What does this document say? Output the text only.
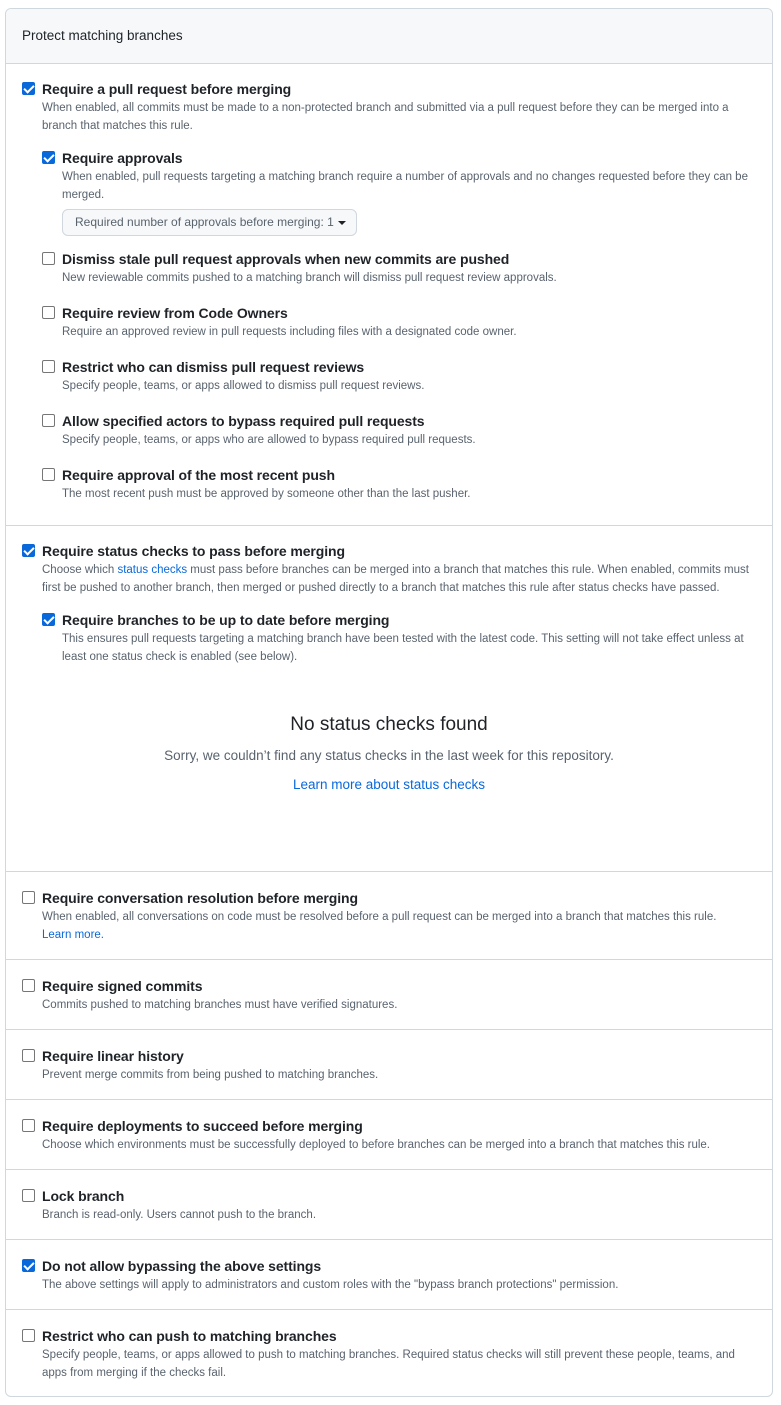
Protect matching branches
Require a pull request before merging
When enabled, all commits must be made to a non-protected branch and submitted via a pull request before they can be merged into a branch that matches this rule.
Require approvals
When enabled, pull requests targeting a matching branch require a number of approvals and no changes requested before they can be merged.
Required number of approvals before merging: 1
Dismiss stale pull request approvals when new commits are pushed
New reviewable commits pushed to a matching branch will dismiss pull request review approvals.
Require review from Code Owners
Require an approved review in pull requests including files with a designated code owner.
Restrict who can dismiss pull request reviews
Specify people, teams, or apps allowed to dismiss pull request reviews.
Allow specified actors to bypass required pull requests
Specify people, teams, or apps who are allowed to bypass required pull requests.
Require approval of the most recent push
The most recent push must be approved by someone other than the last pusher.
Require status checks to pass before merging
Choose which status checks must pass before branches can be merged into a branch that matches this rule. When enabled, commits must first be pushed to another branch, then merged or pushed directly to a branch that matches this rule after status checks have passed.
Require branches to be up to date before merging
This ensures pull requests targeting a matching branch have been tested with the latest code. This setting will not take effect unless at least one status check is enabled (see below).
No status checks found
Sorry, we couldn’t find any status checks in the last week for this repository.
Learn more about status checks
Require conversation resolution before merging
When enabled, all conversations on code must be resolved before a pull request can be merged into a branch that matches this rule.
Learn more.
Require signed commits
Commits pushed to matching branches must have verified signatures.
Require linear history
Prevent merge commits from being pushed to matching branches.
Require deployments to succeed before merging
Choose which environments must be successfully deployed to before branches can be merged into a branch that matches this rule.
Lock branch
Branch is read-only. Users cannot push to the branch.
Do not allow bypassing the above settings
The above settings will apply to administrators and custom roles with the "bypass branch protections" permission.
Restrict who can push to matching branches
Specify people, teams, or apps allowed to push to matching branches. Required status checks will still prevent these people, teams, and apps from merging if the checks fail.
